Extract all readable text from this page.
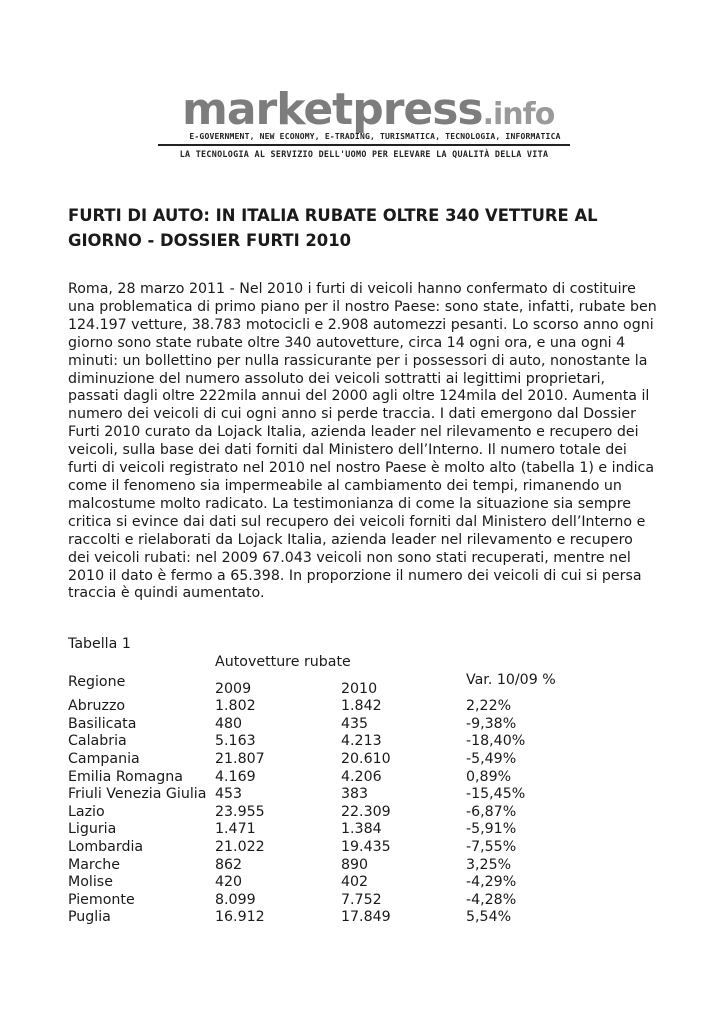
marketpress.info
E-GOVERNMENT, NEW ECONOMY, E-TRADING, TURISMATICA, TECNOLOGIA, INFORMATICA
LA TECNOLOGIA AL SERVIZIO DELL'UOMO PER ELEVARE LA QUALITÀ DELLA VITA
FURTI DI AUTO: IN ITALIA RUBATE OLTRE 340 VETTURE AL GIORNO - DOSSIER FURTI 2010

Roma, 28 marzo 2011 - Nel 2010 i furti di veicoli hanno confermato di costituire una problematica di primo piano per il nostro Paese: sono state, infatti, rubate ben 124.197 vetture, 38.783 motocicli e 2.908 automezzi pesanti. Lo scorso anno ogni giorno sono state rubate oltre 340 autovetture, circa 14 ogni ora, e una ogni 4 minuti: un bollettino per nulla rassicurante per i possessori di auto, nonostante la diminuzione del numero assoluto dei veicoli sottratti ai legittimi proprietari, passati dagli oltre 222mila annui del 2000 agli oltre 124mila del 2010. Aumenta il numero dei veicoli di cui ogni anno si perde traccia. I dati emergono dal Dossier Furti 2010 curato da Lojack Italia, azienda leader nel rilevamento e recupero dei veicoli, sulla base dei dati forniti dal Ministero dell’Interno. Il numero totale dei furti di veicoli registrato nel 2010 nel nostro Paese è molto alto (tabella 1) e indica come il fenomeno sia impermeabile al cambiamento dei tempi, rimanendo un malcostume molto radicato. La testimonianza di come la situazione sia sempre critica si evince dai dati sul recupero dei veicoli forniti dal Ministero dell’Interno e raccolti e rielaborati da Lojack Italia, azienda leader nel rilevamento e recupero dei veicoli rubati: nel 2009 67.043 veicoli non sono stati recuperati, mentre nel 2010 il dato è fermo a 65.398. In proporzione il numero dei veicoli di cui si persa traccia è quindi aumentato.

Tabella 1
Regione	Autovetture rubate		
	2009	2010	Var. 10/09 %
Abruzzo	1.802	1.842	2,22%
Basilicata	480	435	-9,38%
Calabria	5.163	4.213	-18,40%
Campania	21.807	20.610	-5,49%
Emilia Romagna	4.169	4.206	0,89%
Friuli Venezia Giulia	453	383	-15,45%
Lazio	23.955	22.309	-6,87%
Liguria	1.471	1.384	-5,91%
Lombardia	21.022	19.435	-7,55%
Marche	862	890	3,25%
Molise	420	402	-4,29%
Piemonte	8.099	7.752	-4,28%
Puglia	16.912	17.849	5,54%
